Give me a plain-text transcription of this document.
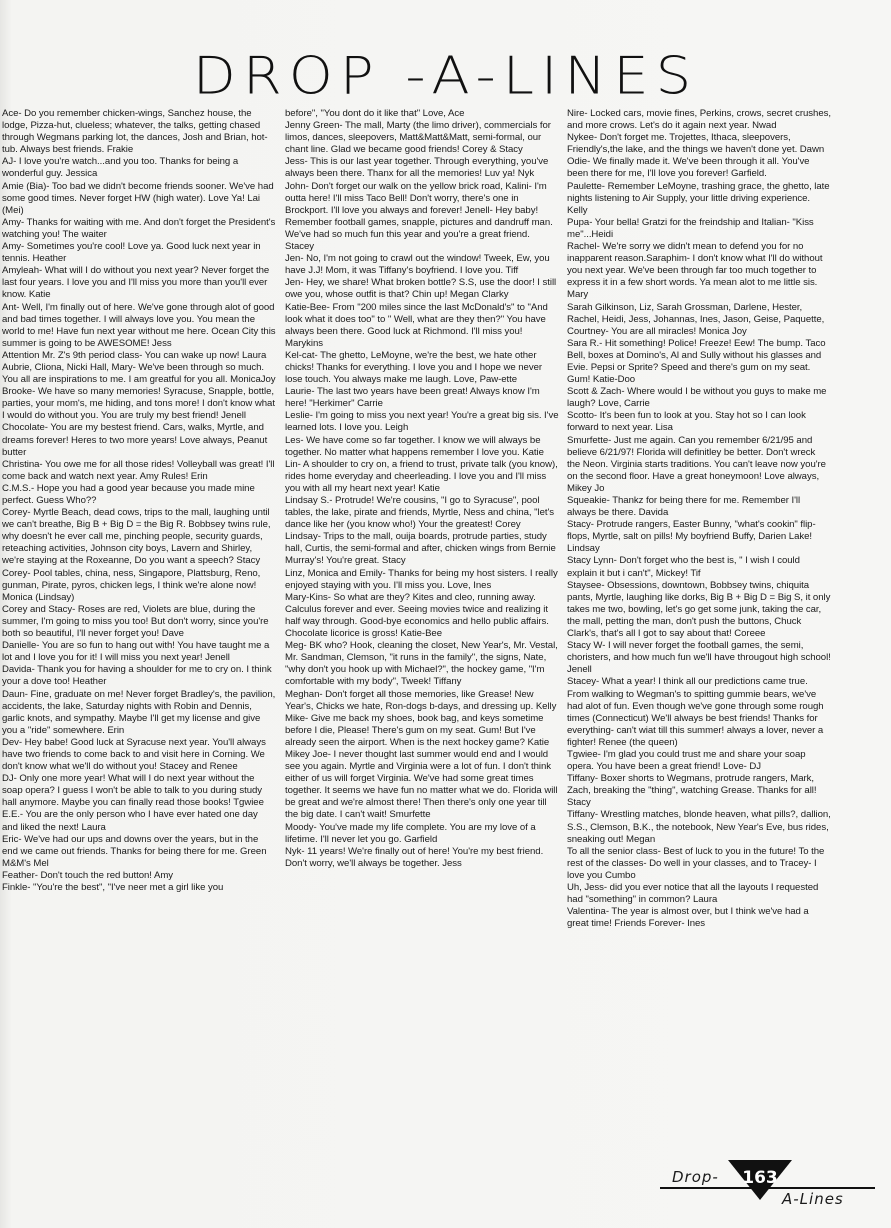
DROP -A-LINES

Ace- Do you remember chicken-wings, Sanchez house, the lodge, Pizza-hut, clueless; whatever, the talks, getting chased through Wegmans parking lot, the dances, Josh and Brian, hot-tub. Always best friends. Frakie

AJ- I love you're watch...and you too. Thanks for being a wonderful guy. Jessica

Amie (Bia)- Too bad we didn't become friends sooner. We've had some good times. Never forget HW (high water). Love Ya! Lai (Mei)

Amy- Thanks for waiting with me. And don't forget the President's watching you! The waiter

Amy- Sometimes you're cool! Love ya. Good luck next year in tennis. Heather

Amyleah- What will I do without you next year? Never forget the last four years. I love you and I'll miss you more than you'll ever know. Katie

Ant- Well, I'm finally out of here. We've gone through alot of good and bad times together. I will always love you. You mean the world to me! Have fun next year without me here. Ocean City this summer is going to be AWESOME! Jess

Attention Mr. Z's 9th period class- You can wake up now! Laura

Aubrie, Cliona, Nicki Hall, Mary- We've been through so much. You all are inspirations to me. I am greatful for you all. MonicaJoy

Brooke- We have so many memories! Syracuse, Snapple, bottle, parties, your mom's, me hiding, and tons more! I don't know what I would do without you. You are truly my best friend! Jenell

Chocolate- You are my bestest friend. Cars, walks, Myrtle, and dreams forever! Heres to two more years! Love always, Peanut butter

Christina- You owe me for all those rides! Volleyball was great! I'll come back and watch next year. Amy Rules! Erin

C.M.S.- Hope you had a good year because you made mine perfect. Guess Who??

Corey- Myrtle Beach, dead cows, trips to the mall, laughing until we can't breathe, Big B + Big D = the Big R. Bobbsey twins rule, why doesn't he ever call me, pinching people, security guards, reteaching activities, Johnson city boys, Lavern and Shirley, we're staying at the Roxeanne, Do you want a speech? Stacy

Corey- Pool tables, china, ness, Singapore, Plattsburg, Reno, gunman, Pirate, pyros, chicken legs, I think we're alone now! Monica (Lindsay)

Corey and Stacy- Roses are red, Violets are blue, during the summer, I'm going to miss you too! But don't worry, since you're both so beautiful, I'll never forget you! Dave

Danielle- You are so fun to hang out with! You have taught me a lot and I love you for it! I will miss you next year! Jenell

Davida- Thank you for having a shoulder for me to cry on. I think your a dove too! Heather

Daun- Fine, graduate on me! Never forget Bradley's, the pavilion, accidents, the lake, Saturday nights with Robin and Dennis, garlic knots, and sympathy. Maybe I'll get my license and give you a "ride" somewhere. Erin

Dev- Hey babe! Good luck at Syracuse next year. You'll always have two friends to come back to and visit here in Corning. We don't know what we'll do without you! Stacey and Renee

DJ- Only one more year! What will I do next year without the soap opera? I guess I won't be able to talk to you during study hall anymore. Maybe you can finally read those books! Tgwiee

E.E.- You are the only person who I have ever hated one day and liked the next! Laura

Eric- We've had our ups and downs over the years, but in the end we came out friends. Thanks for being there for me. Green M&M's Mel

Feather- Don't touch the red button! Amy

Finkle- "You're the best", "I've neer met a girl like you

before", "You dont do it like that" Love, Ace

Jenny Green- The mall, Marty (the limo driver), commercials for limos, dances, sleepovers, Matt&Matt&Matt, semi-formal, our chant line. Glad we became good friends! Corey & Stacy

Jess- This is our last year together. Through everything, you've always been there. Thanx for all the memories! Luv ya! Nyk

John- Don't forget our walk on the yellow brick road, Kalini- I'm outta here! I'll miss Taco Bell! Don't worry, there's one in Brockport. I'll love you always and forever! Jenell- Hey baby! Remember football games, snapple, pictures and dandruff man. We've had so much fun this year and you're a great friend. Stacey

Jen- No, I'm not going to crawl out the window! Tweek, Ew, you have J.J! Mom, it was Tiffany's boyfriend. I love you. Tiff

Jen- Hey, we share! What broken bottle? S.S, use the door! I still owe you, whose outfit is that? Chin up! Megan Clarky

Katie-Bee- From "200 miles since the last McDonald's" to "And look what it does too" to " Well, what are they then?" You have always been there. Good luck at Richmond. I'll miss you! Marykins

Kel-cat- The ghetto, LeMoyne, we're the best, we hate other chicks! Thanks for everything. I love you and I hope we never lose touch. You always make me laugh. Love, Paw-ette

Laurie- The last two years have been great! Always know I'm here! "Herkimer" Carrie

Leslie- I'm going to miss you next year! You're a great big sis. I've learned lots. I love you. Leigh

Les- We have come so far together. I know we will always be together. No matter what happens remember I love you. Katie

Lin- A shoulder to cry on, a friend to trust, private talk (you know), rides home everyday and cheerleading. I love you and I'll miss you with all my heart next year! Katie

Lindsay S.- Protrude! We're cousins, "I go to Syracuse", pool tables, the lake, pirate and friends, Myrtle, Ness and china, "let's dance like her (you know who!) Your the greatest! Corey

Lindsay- Trips to the mall, ouija boards, protrude parties, study hall, Curtis, the semi-formal and after, chicken wings from Bernie Murray's! You're great. Stacy

Linz, Monica and Emily- Thanks for being my host sisters. I really enjoyed staying with you. I'll miss you. Love, Ines

Mary-Kins- So what are they? Kites and cleo, running away. Calculus forever and ever. Seeing movies twice and realizing it half way through. Good-bye economics and hello public affairs. Chocolate licorice is gross! Katie-Bee

Meg- BK who? Hook, cleaning the closet, New Year's, Mr. Vestal, Mr. Sandman, Clemson, "it runs in the family", the signs, Nate, "why don't you hook up with Michael?", the hockey game, "I'm comfortable with my body", Tweek! Tiffany

Meghan- Don't forget all those memories, like Grease! New Year's, Chicks we hate, Ron-dogs b-days, and dressing up. Kelly

Mike- Give me back my shoes, book bag, and keys sometime before I die, Please! There's gum on my seat. Gum! But I've already seen the airport. When is the next hockey game? Katie

Mikey Joe- I never thought last summer would end and I would see you again. Myrtle and Virginia were a lot of fun. I don't think either of us will forget Virginia. We've had some great times together. It seems we have fun no matter what we do. Florida will be great and we're almost there! Then there's only one year till the big date. I can't wait! Smurfette

Moody- You've made my life complete. You are my love of a lifetime. I'll never let you go. Garfield

Nyk- 11 years! We're finally out of here! You're my best friend. Don't worry, we'll always be together. Jess

Nire- Locked cars, movie fines, Perkins, crows, secret crushes, and more crows. Let's do it again next year. Nwad

Nykee- Don't forget me. Trojettes, Ithaca, sleepovers, Friendly's,the lake, and the things we haven't done yet. Dawn

Odie- We finally made it. We've been through it all. You've been there for me, I'll love you forever! Garfield.

Paulette- Remember LeMoyne, trashing grace, the ghetto, late nights listening to Air Supply, your little driving experience. Kelly

Pupa- Your bella! Gratzi for the freindship and Italian- "Kiss me"...Heidi

Rachel- We're sorry we didn't mean to defend you for no inapparent reason.Saraphim- I don't know what I'll do without you next year. We've been through far too much together to express it in a few short words. Ya mean alot to me little sis. Mary

Sarah Gilkinson, Liz, Sarah Grossman, Darlene, Hester, Rachel, Heidi, Jess, Johannas, Ines, Jason, Geise, Paquette, Courtney- You are all miracles! Monica Joy

Sara R.- Hit something! Police! Freeze! Eew! The bump. Taco Bell, boxes at Domino's, Al and Sully without his glasses and Evie. Pepsi or Sprite? Speed and there's gum on my seat. Gum! Katie-Doo

Scott & Zach- Where would I be without you guys to make me laugh? Love, Carrie

Scotto- It's been fun to look at you. Stay hot so I can look forward to next year. Lisa

Smurfette- Just me again. Can you remember 6/21/95 and believe 6/21/97! Florida will definitley be better. Don't wreck the Neon. Virginia starts traditions. You can't leave now you're on the second floor. Have a great honeymoon! Love always, Mikey Jo

Squeakie- Thankz for being there for me. Remember I'll always be there. Davida

Stacy- Protrude rangers, Easter Bunny, "what's cookin" flip-flops, Myrtle, salt on pills! My boyfriend Buffy, Darien Lake! Lindsay

Stacy Lynn- Don't forget who the best is, " I wish I could explain it but i can't", Mickey! Tif

Staysee- Obsessions, downtown, Bobbsey twins, chiquita pants, Myrtle, laughing like dorks, Big B + Big D = Big S, it only takes me two, bowling, let's go get some junk, taking the car, the mall, petting the man, don't push the buttons, Chuck Clark's, that's all I got to say about that! Coreee

Stacy W- I will never forget the football games, the semi, choristers, and how much fun we'll have througout high school! Jenell

Stacey- What a year! I think all our predictions came true. From walking to Wegman's to spitting gummie bears, we've had alot of fun. Even though we've gone through some rough times (Connecticut) We'll always be best friends! Thanks for everything- can't wiat till this summer! always a lover, never a fighter! Renee (the queen)

Tgwiee- I'm glad you could trust me and share your soap opera. You have been a great friend! Love- DJ

Tiffany- Boxer shorts to Wegmans, protrude rangers, Mark, Zach, breaking the "thing", watching Grease. Thanks for all! Stacy

Tiffany- Wrestling matches, blonde heaven, what pills?, dallion, S.S., Clemson, B.K., the notebook, New Year's Eve, bus rides, sneaking out! Megan

To all the senior class- Best of luck to you in the future! To the rest of the classes- Do well in your classes, and to Tracey- I love you Cumbo

Uh, Jess- did you ever notice that all the layouts I requested had "something" in common? Laura

Valentina- The year is almost over, but I think we've had a great time! Friends Forever- Ines

Drop-	163
A-Lines
